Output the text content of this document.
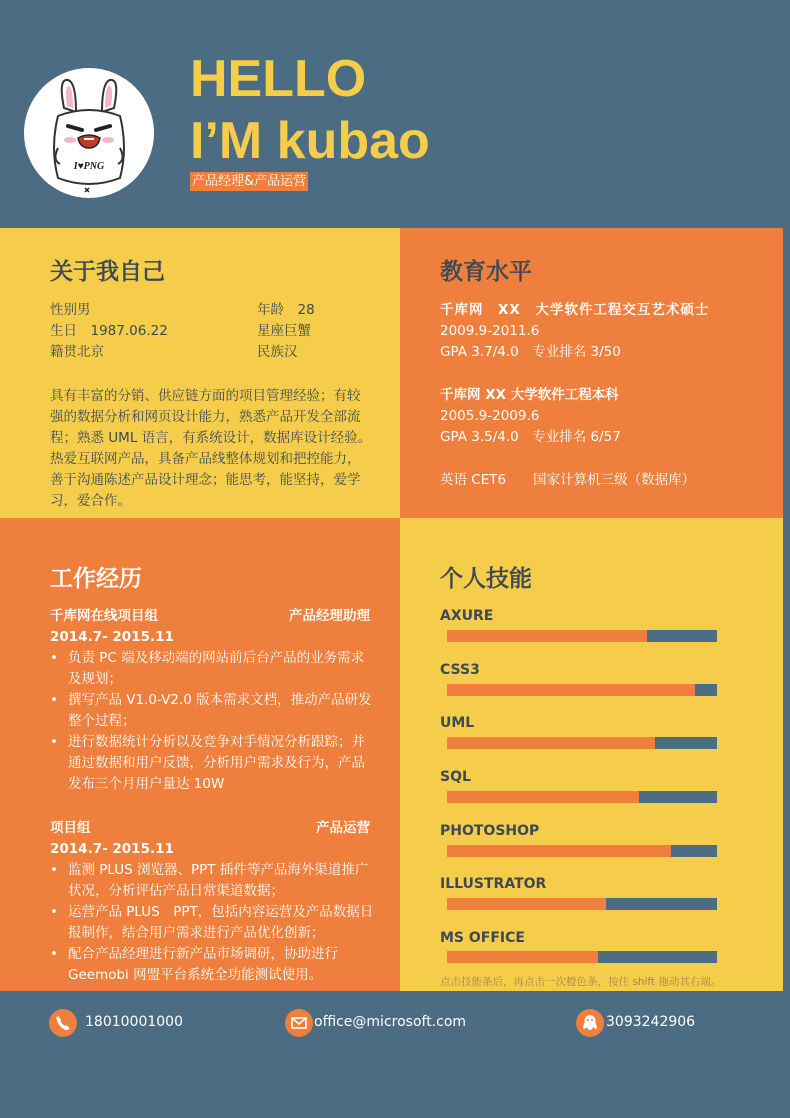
I♥PNG
HELLO
I’M kubao
产品经理&产品运营
关于我自己
性别男	年龄　28
生日　1987.06.22	星座巨蟹
籍贯北京	民族汉
具有丰富的分销、供应链方面的项目管理经验；有较
强的数据分析和网页设计能力，熟悉产品开发全部流
程；熟悉 UML 语言，有系统设计，数据库设计经验。
热爱互联网产品，具备产品线整体规划和把控能力，
善于沟通陈述产品设计理念；能思考，能坚持，爱学
习，爱合作。
教育水平
千库网　XX　大学软件工程交互艺术硕士
2009.9-2011.6
GPA 3.7/4.0　专业排名 3/50
千库网 XX 大学软件工程本科
2005.9-2009.6
GPA 3.5/4.0　专业排名 6/57
英语 CET6　　国家计算机三级（数据库）
工作经历
千库网在线项目组	产品经理助理
2014.7- 2015.11
• 负责 PC 端及移动端的网站前后台产品的业务需求
及规划；
• 撰写产品 V1.0-V2.0 版本需求文档，推动产品研发
整个过程；
• 进行数据统计分析以及竞争对手情况分析跟踪；并
通过数据和用户反馈，分析用户需求及行为，产品
发布三个月用户量达 10W
项目组	产品运营
2014.7- 2015.11
• 监测 PLUS 浏览器、PPT 插件等产品海外渠道推广
状况，分析评估产品日常渠道数据；
• 运营产品 PLUS　PPT，包括内容运营及产品数据日
报制作，结合用户需求进行产品优化创新；
• 配合产品经理进行新产品市场调研，协助进行
Geemobi 网盟平台系统全功能测试使用。
个人技能
AXURE
CSS3
UML
SQL
PHOTOSHOP
ILLUSTRATOR
MS OFFICE
点击技能条后，再点击一次橙色条，按住 shift 拖动其右端。
18010001000	office@microsoft.com	3093242906
